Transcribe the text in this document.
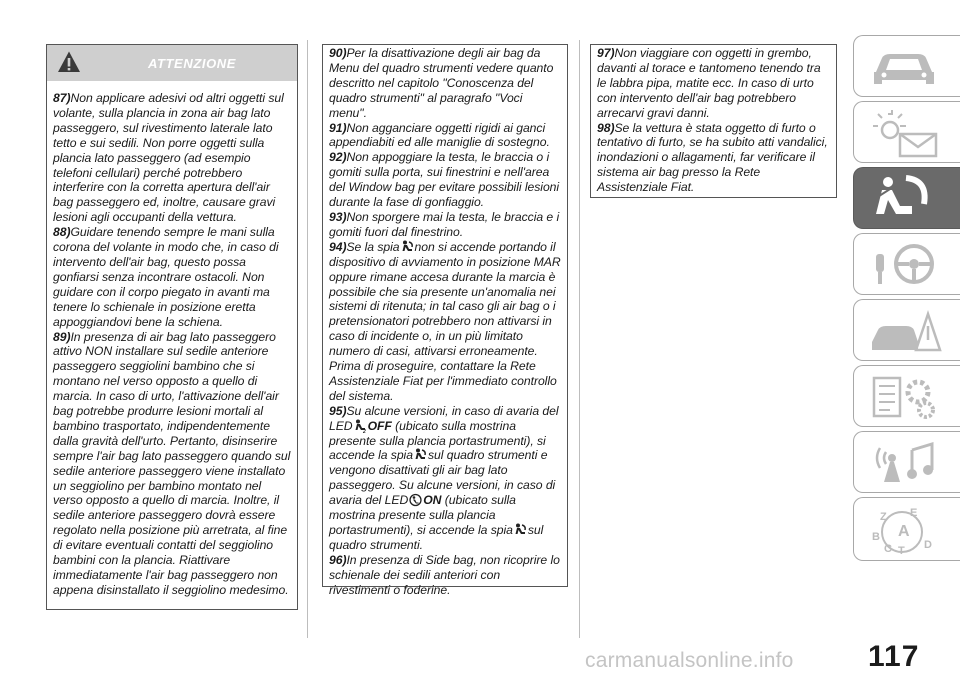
ATTENZIONE

87)Non applicare adesivi od altri oggetti sul volante, sulla plancia in zona air bag lato passeggero, sul rivestimento laterale lato tetto e sui sedili. Non porre oggetti sulla plancia lato passeggero (ad esempio telefoni cellulari) perché potrebbero interferire con la corretta apertura dell'air bag passeggero ed, inoltre, causare gravi lesioni agli occupanti della vettura.

88)Guidare tenendo sempre le mani sulla corona del volante in modo che, in caso di intervento dell'air bag, questo possa gonfiarsi senza incontrare ostacoli. Non guidare con il corpo piegato in avanti ma tenere lo schienale in posizione eretta appoggiandovi bene la schiena.

89)In presenza di air bag lato passeggero attivo NON installare sul sedile anteriore passeggero seggiolini bambino che si montano nel verso opposto a quello di marcia. In caso di urto, l'attivazione dell'air bag potrebbe produrre lesioni mortali al bambino trasportato, indipendentemente dalla gravità dell'urto. Pertanto, disinserire sempre l'air bag lato passeggero quando sul sedile anteriore passeggero viene installato un seggiolino per bambino montato nel verso opposto a quello di marcia. Inoltre, il sedile anteriore passeggero dovrà essere regolato nella posizione più arretrata, al fine di evitare eventuali contatti del seggiolino bambini con la plancia. Riattivare immediatamente l'air bag passeggero non appena disinstallato il seggiolino medesimo.

90)Per la disattivazione degli air bag da Menu del quadro strumenti vedere quanto descritto nel capitolo "Conoscenza del quadro strumenti" al paragrafo "Voci menu".

91)Non agganciare oggetti rigidi ai ganci appendiabiti ed alle maniglie di sostegno.

92)Non appoggiare la testa, le braccia o i gomiti sulla porta, sui finestrini e nell'area del Window bag per evitare possibili lesioni durante la fase di gonfiaggio.

93)Non sporgere mai la testa, le braccia e i gomiti fuori dal finestrino.

94)Se la spia non si accende portando il dispositivo di avviamento in posizione MAR oppure rimane accesa durante la marcia è possibile che sia presente un'anomalia nei sistemi di ritenuta; in tal caso gli air bag o i pretensionatori potrebbero non attivarsi in caso di incidente o, in un più limitato numero di casi, attivarsi erroneamente. Prima di proseguire, contattare la Rete Assistenziale Fiat per l'immediato controllo del sistema.

95)Su alcune versioni, in caso di avaria del LED 2 OFF (ubicato sulla mostrina presente sulla plancia portastrumenti), si accende la spia sul quadro strumenti e vengono disattivati gli air bag lato passeggero. Su alcune versioni, in caso di avaria del LED ON (ubicato sulla mostrina presente sulla plancia portastrumenti), si accende la spia sul quadro strumenti.

96)In presenza di Side bag, non ricoprire lo schienale dei sedili anteriori con rivestimenti o foderine.

97)Non viaggiare con oggetti in grembo, davanti al torace e tantomeno tenendo tra le labbra pipa, matite ecc. In caso di urto con intervento dell'air bag potrebbero arrecarvi gravi danni.

98)Se la vettura è stata oggetto di furto o tentativo di furto, se ha subito atti vandalici, inondazioni o allagamenti, far verificare il sistema air bag presso la Rete Assistenziale Fiat.

Z E
B A
C T D
117
carmanualsonline.info
